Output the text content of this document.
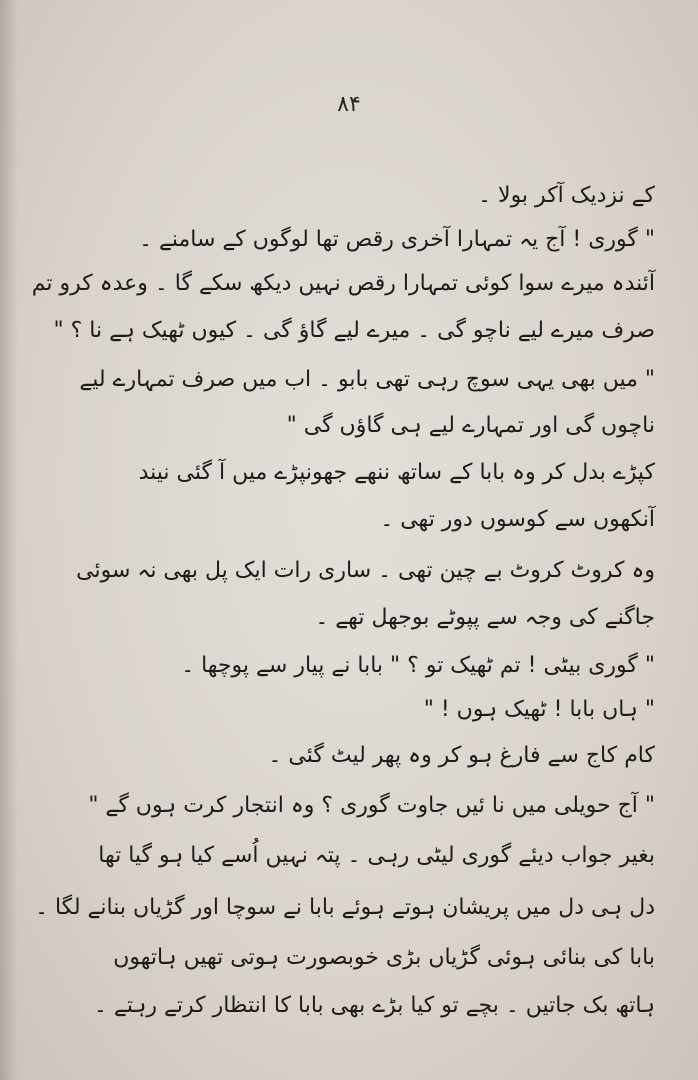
۸۴
کے نزدیک آکر بولا ۔
" گوری ! آج یہ تمہارا آخری رقص تھا لوگوں کے سامنے ۔
آئندہ میرے سوا کوئی تمہارا رقص نہیں دیکھ سکے گا ۔ وعدہ کرو تم
صرف میرے لیے ناچو گی ۔ میرے لیے گاؤ گی ۔ کیوں ٹھیک ہے نا ؟ "
" میں بھی یہی سوچ رہی تھی بابو ۔ اب میں صرف تمہارے لیے
ناچوں گی اور تمہارے لیے ہی گاؤں گی "
کپڑے بدل کر وہ بابا کے ساتھ ننھے جھونپڑے میں آ گئی نیند
آنکھوں سے کوسوں دور تھی ۔
وہ کروٹ کروٹ بے چین تھی ۔ ساری رات ایک پل بھی نہ سوئی
جاگنے کی وجہ سے پپوٹے بوجھل تھے ۔
" گوری بیٹی ! تم ٹھیک تو ؟ " بابا نے پیار سے پوچھا ۔
" ہاں بابا ! ٹھیک ہوں ! "
کام کاج سے فارغ ہو کر وہ پھر لیٹ گئی ۔
" آج حویلی میں نا ئیں جاوت گوری ؟ وہ انتجار کرت ہوں گے "
بغیر جواب دیئے گوری لیٹی رہی ۔ پتہ نہیں اُسے کیا ہو گیا تھا
دل ہی دل میں پریشان ہوتے ہوئے بابا نے سوچا اور گڑیاں بنانے لگا ۔
بابا کی بنائی ہوئی گڑیاں بڑی خوبصورت ہوتی تھیں ہاتھوں
ہاتھ بک جاتیں ۔ بچے تو کیا بڑے بھی بابا کا انتظار کرتے رہتے ۔
